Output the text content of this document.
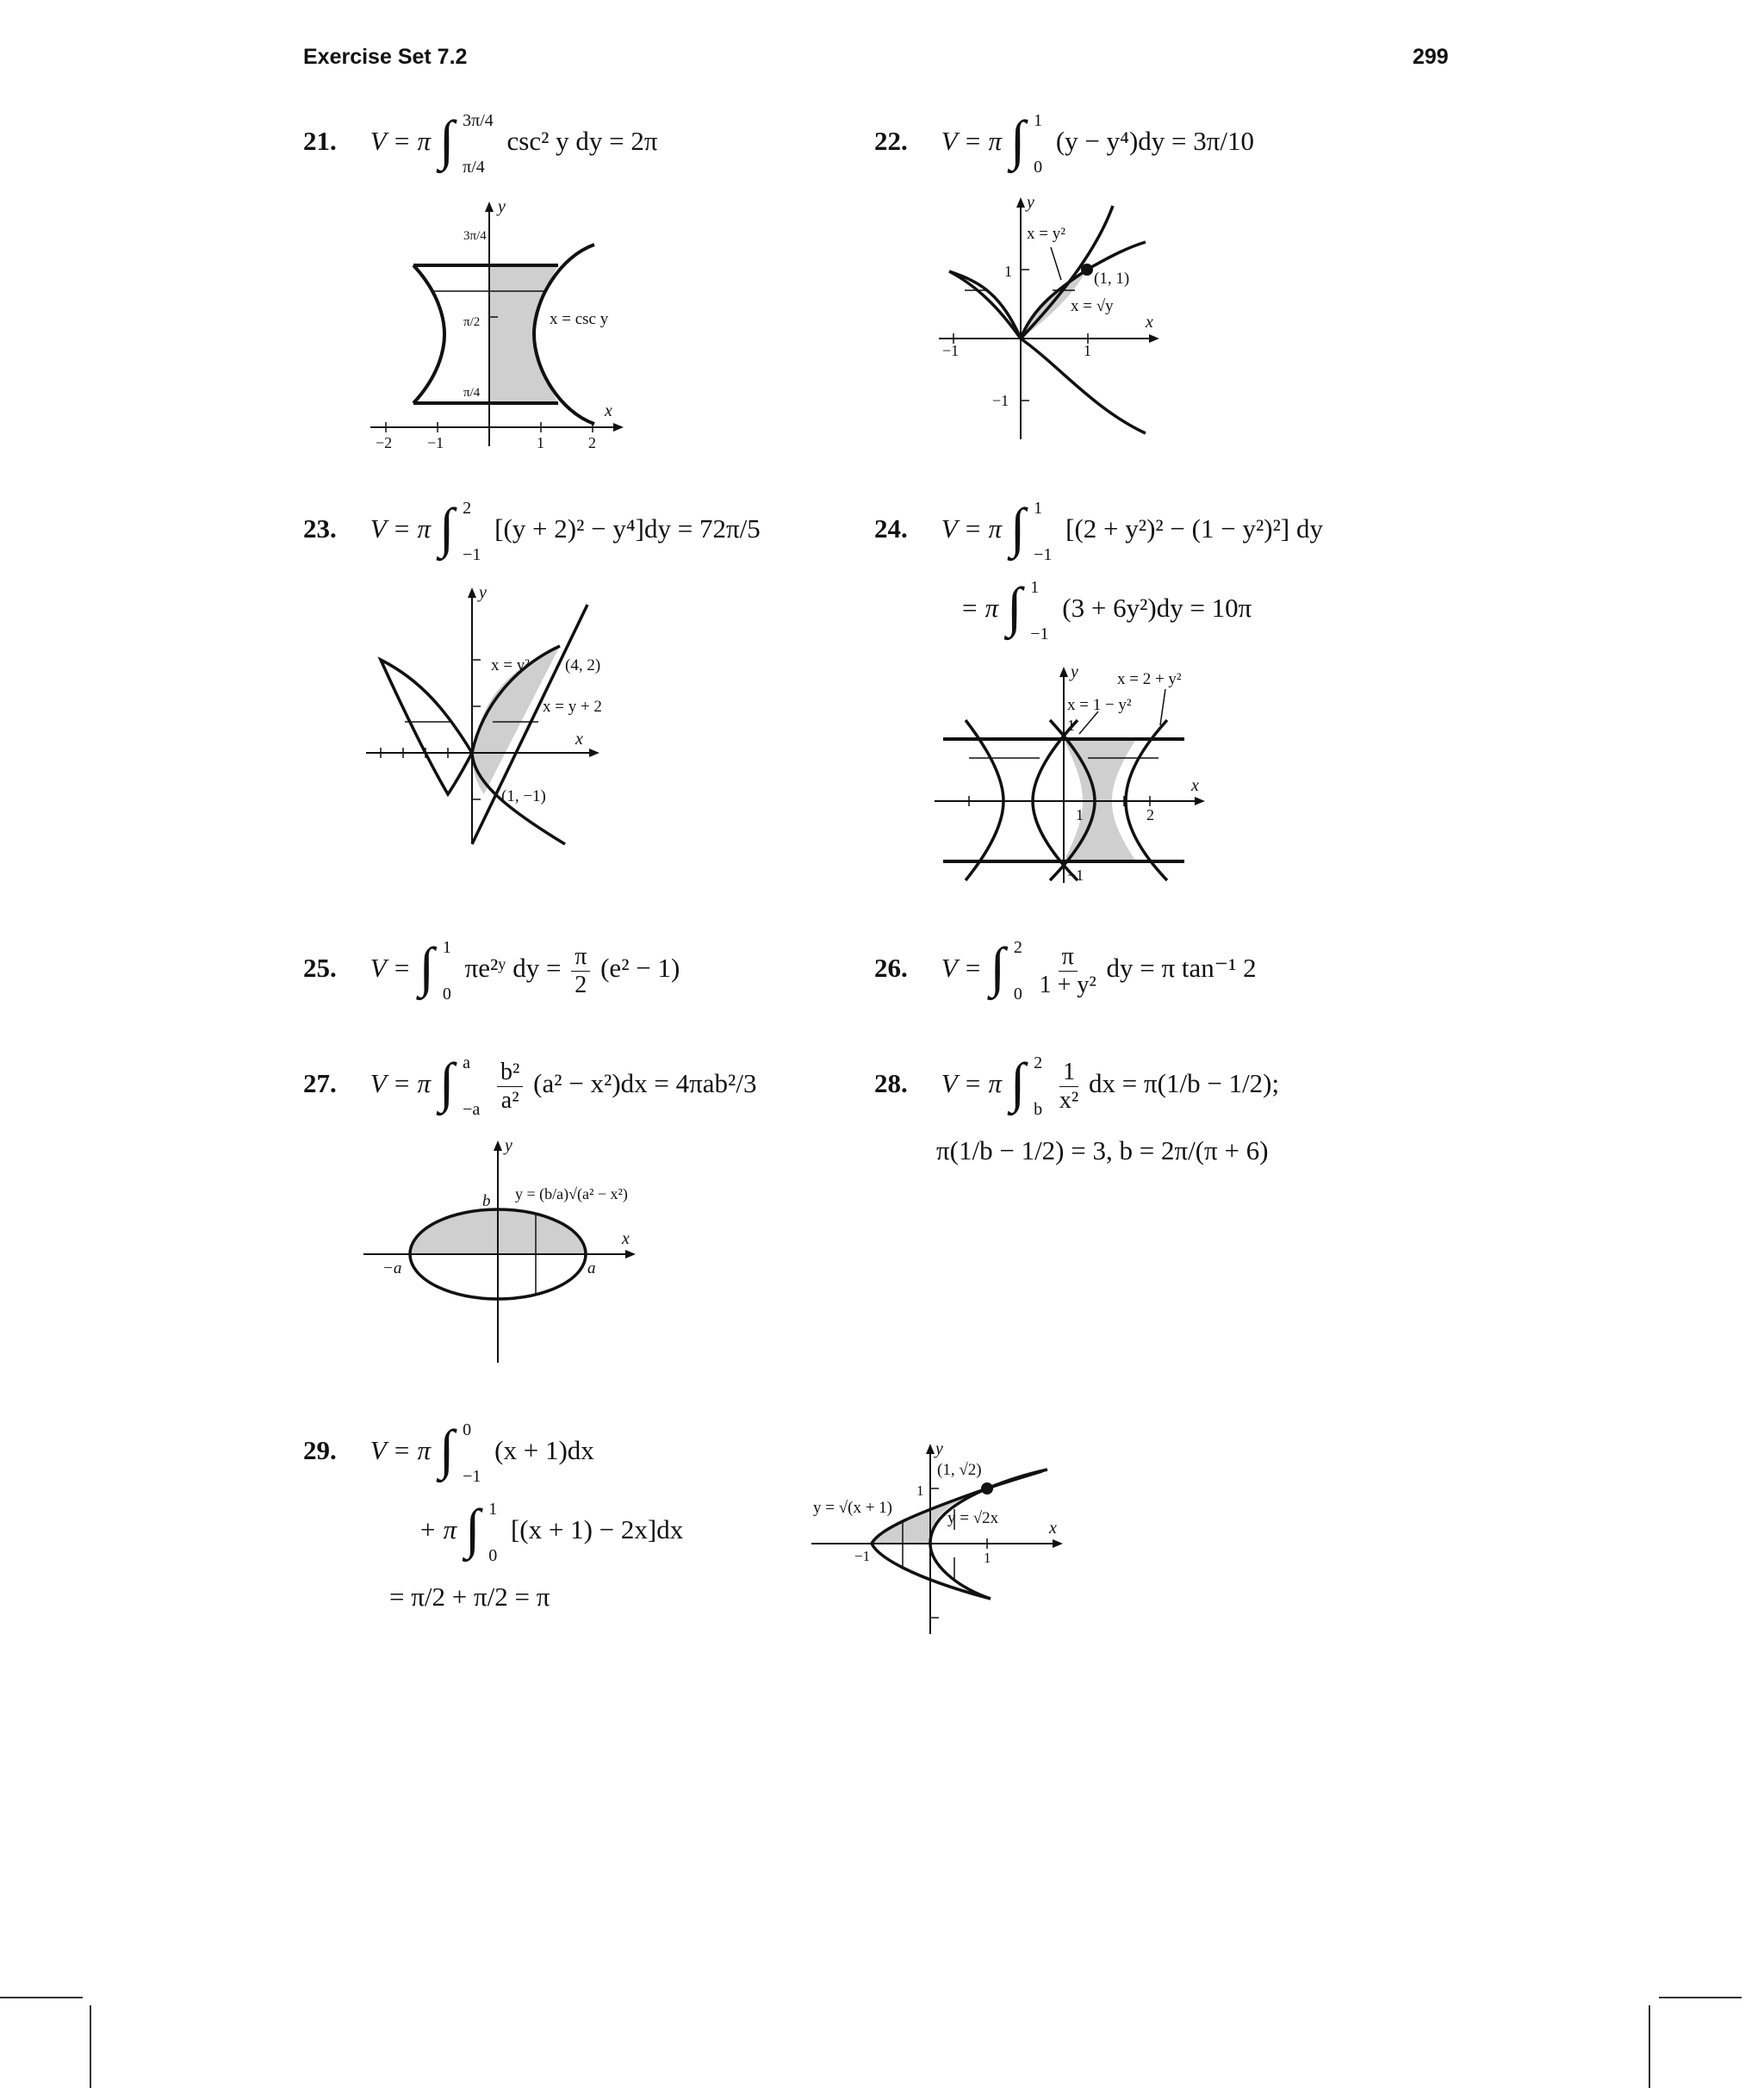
Exercise Set 7.2	299
21. V = π ∫ 3π/4
π/4
csc² y dy = 2π	22. V = π ∫ 1
0
(y − y⁴)dy = 3π/10
y
x
3π/4
π/2
π/4
x = csc y
−2 −1	1	2
y
x
x = y²
(1, 1)
x = √y
1
−1
1
−1
23. V = π ∫ 2
−1
[(y + 2)² − y⁴]dy = 72π/5	24. V = π ∫ 1
−1
[(2 + y²)² − (1 − y²)²] dy
= π ∫ 1
−1
(3 + 6y²)dy = 10π
y
x
x = y² (4, 2)
x = y + 2
(1, −1)
y
x
x = 2 + y²
x = 1 − y²
1
−1
1	2
25. V = ∫ 1
0
πe²ʸ dy = $\frac{\pi}{2} (e^2 - 1)$	26. V = ∫ 2
0
$\frac{\pi}{\text{1 + y²}}$ dy = π tan⁻¹ 2
27. V = π ∫ a
−a
$\frac{\text{b²}}{\text{a²}} (a^2 - x^2)dx = 4\pi ab^2/3$	28. V = π ∫ 2
b
$\frac{1}{\text{x²}}$ dx = π(1/b − 1/2);
π(1/b − 1/2) = 3, b = 2π/(π + 6)
y
x
b y = (b/a)√(a² − x²)
a
−a
29. V = π ∫ 0
−1
(x + 1)dx
+ π ∫ 1
0
[(x + 1) − 2x]dx
= π/2 + π/2 = π
y
x
(1, √2)
y = √(x + 1)
y = √2x
1
−1	1
